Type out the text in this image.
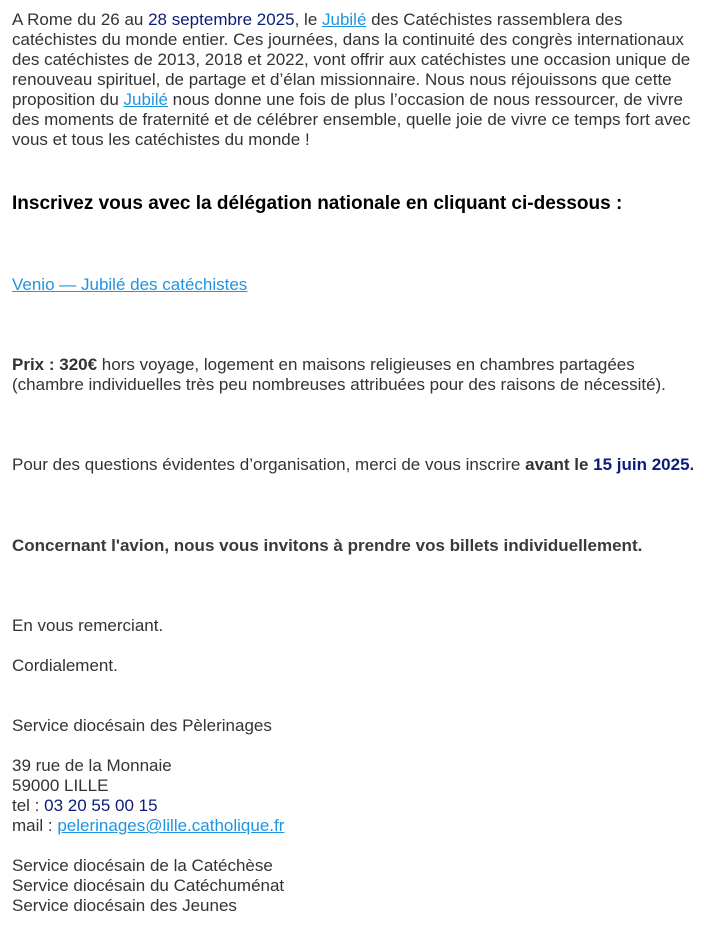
A Rome du 26 au 28 septembre 2025, le Jubilé des Catéchistes rassemblera des catéchistes du monde entier. Ces journées, dans la continuité des congrès internationaux des catéchistes de 2013, 2018 et 2022, vont offrir aux catéchistes une occasion unique de renouveau spirituel, de partage et d’élan missionnaire. Nous nous réjouissons que cette proposition du Jubilé nous donne une fois de plus l’occasion de nous ressourcer, de vivre des moments de fraternité et de célébrer ensemble, quelle joie de vivre ce temps fort avec vous et tous les catéchistes du monde !
Inscrivez vous avec la délégation nationale en cliquant ci-dessous :
Venio — Jubilé des catéchistes
Prix : 320€ hors voyage, logement en maisons religieuses en chambres partagées (chambre individuelles très peu nombreuses attribuées pour des raisons de nécessité).
Pour des questions évidentes d’organisation, merci de vous inscrire avant le 15 juin 2025.
Concernant l'avion, nous vous invitons à prendre vos billets individuellement.
En vous remerciant.
Cordialement.
Service diocésain des Pèlerinages
39 rue de la Monnaie
59000 LILLE
tel : 03 20 55 00 15
mail : pelerinages@lille.catholique.fr
Service diocésain de la Catéchèse
Service diocésain du Catéchuménat
Service diocésain des Jeunes
